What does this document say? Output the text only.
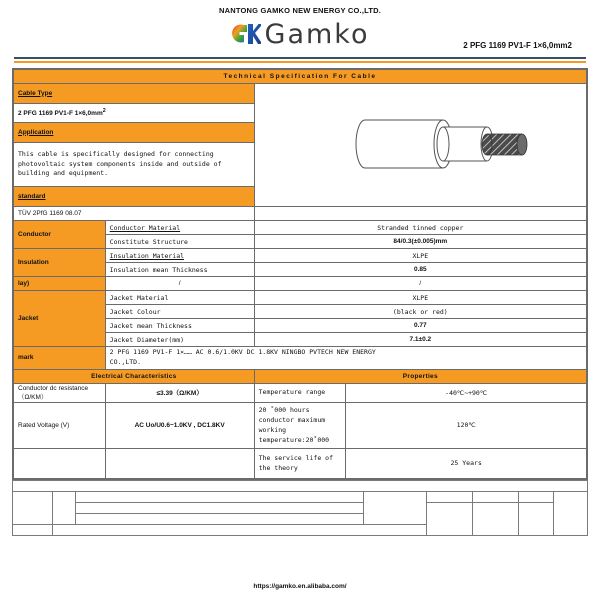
NANTONG GAMKO NEW ENERGY CO.,LTD.
Gamko	2 PFG 1169 PV1-F 1×6,0mm2
Technical Specification For Cable			
Cable Type	
2 PFG 1169 PV1-F $1\times 6,0mm^2$
Application			
This cable is specifically designed for connecting photovoltaic system components inside and outside of building and equipment.			
standard			
TÜV 2PfG 1169 08.07			
Conductor	Conductor Material	Stranded tinned copper	
	Constitute Structure	84/0.3(±0.005)mm	
Insulation	Insulation Material	XLPE	
	Insulation mean Thickness	0.85	
lay)	/	/	
Jacket	Jacket Material	XLPE	
	Jacket Colour	(black or red)	
	Jacket mean Thickness	0.77	
	Jacket Diameter(mm)	7.1±0.2	
mark	2 PFG 1169 PV1-F 1×…… AC 0.6/1.0KV DC 1.8KV NINGBO PVTECH NEW ENERGY
CO.,LTD.		
Electrical Characteristics		Properties	
Conductor dc resistance（Ω/KM）	≤3.39（Ω/KM）	Temperature range	-40℃~+90℃
Rated Voltage (V)	AC Uo/U0.6~1.0KV , DC1.8KV	20 ˚000 hours conductor maximum working temperature:20˚000	120℃
		The service life of the theory	25 Years

https://gamko.en.alibaba.com/
